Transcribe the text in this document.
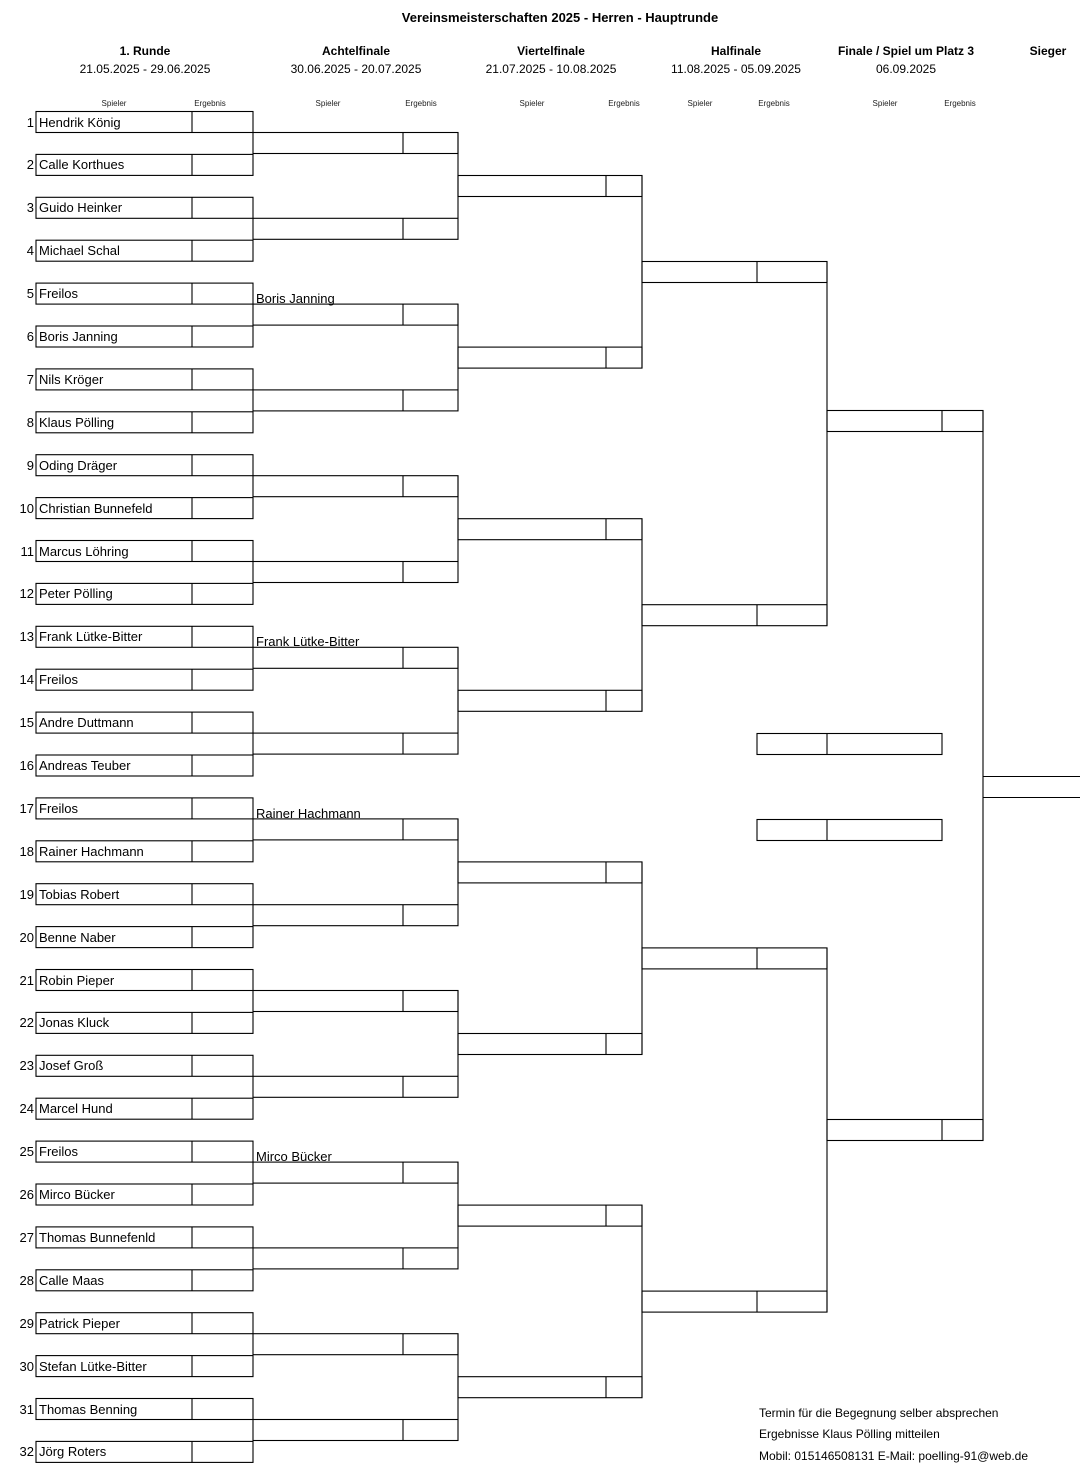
Vereinsmeisterschaften 2025 - Herren - Hauptrunde
1. Runde
21.05.2025 - 29.06.2025
Achtelfinale
30.06.2025 - 20.07.2025
Viertelfinale
21.07.2025 - 10.08.2025
Halfinale	Finale / Spiel um Platz 3
11.08.2025 - 05.09.2025	06.09.2025
Sieger
Spieler	Ergebnis	Spieler	Ergebnis	Spieler	Ergebnis	Spieler	Ergebnis	Spieler	Ergebnis
1 Hendrik König
2 Calle Korthues
3 Guido Heinker
4 Michael Schal
5 Freilos
6 Boris Janning
7 Nils Kröger
8 Klaus Pölling
9 Oding Dräger
10 Christian Bunnefeld
11 Marcus Löhring
12 Peter Pölling
13 Frank Lütke-Bitter
14 Freilos
15 Andre Duttmann
16 Andreas Teuber
17 Freilos
18 Rainer Hachmann
19 Tobias Robert
20 Benne Naber
21 Robin Pieper
22 Jonas Kluck
23 Josef Groß
24 Marcel Hund
25 Freilos
26 Mirco Bücker
27 Thomas Bunnefenld
28 Calle Maas
29 Patrick Pieper
30 Stefan Lütke-Bitter
31 Thomas Benning
32 Jörg Roters
Boris Janning
Frank Lütke-Bitter
Rainer Hachmann
Mirco Bücker
Termin für die Begegnung selber absprechen
Ergebnisse Klaus Pölling mitteilen
Mobil: 015146508131 E-Mail: poelling-91@web.de
